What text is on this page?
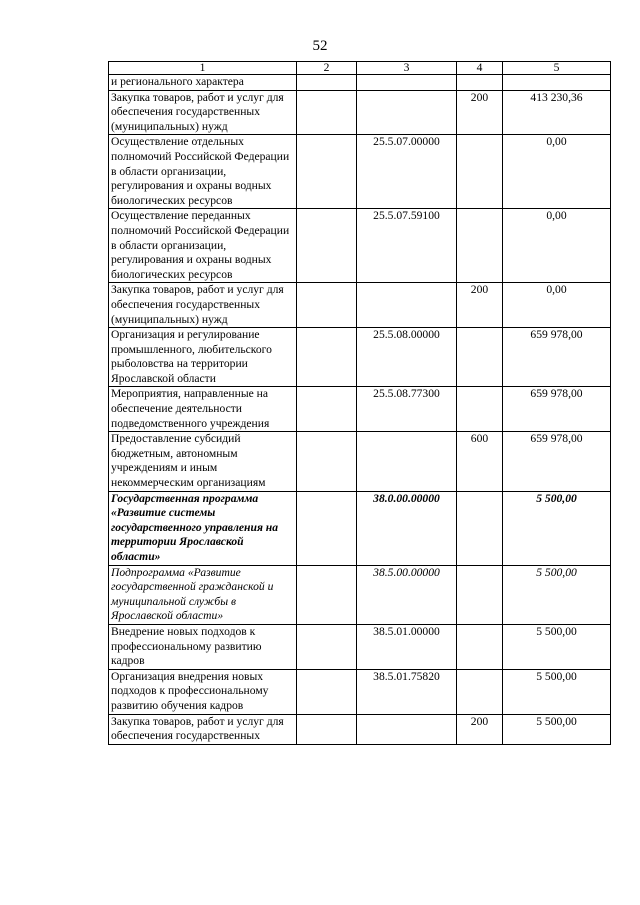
52
1	2	3	4	5
и регионального характера				
Закупка товаров, работ и услуг для обеспечения государственных (муниципальных) нужд			200	413 230,36
Осуществление отдельных полномочий Российской Федерации в области организации, регулирования и охраны водных биологических ресурсов		25.5.07.00000		0,00
Осуществление переданных полномочий Российской Федерации в области организации, регулирования и охраны водных биологических ресурсов		25.5.07.59100		0,00
Закупка товаров, работ и услуг для обеспечения государственных (муниципальных) нужд			200	0,00
Организация и регулирование промышленного, любительского рыболовства на территории Ярославской области		25.5.08.00000		659 978,00
Мероприятия, направленные на обеспечение деятельности подведомственного учреждения		25.5.08.77300		659 978,00
Предоставление субсидий бюджетным, автономным учреждениям и иным некоммерческим организациям			600	659 978,00
Государственная программа «Развитие системы государственного управления на территории Ярославской области»		38.0.00.00000		5 500,00
Подпрограмма «Развитие государственной гражданской и муниципальной службы в Ярославской области»		38.5.00.00000		5 500,00
Внедрение новых подходов к профессиональному развитию кадров		38.5.01.00000		5 500,00
Организация внедрения новых подходов к профессиональному развитию обучения кадров		38.5.01.75820		5 500,00
Закупка товаров, работ и услуг для обеспечения государственных			200	5 500,00
